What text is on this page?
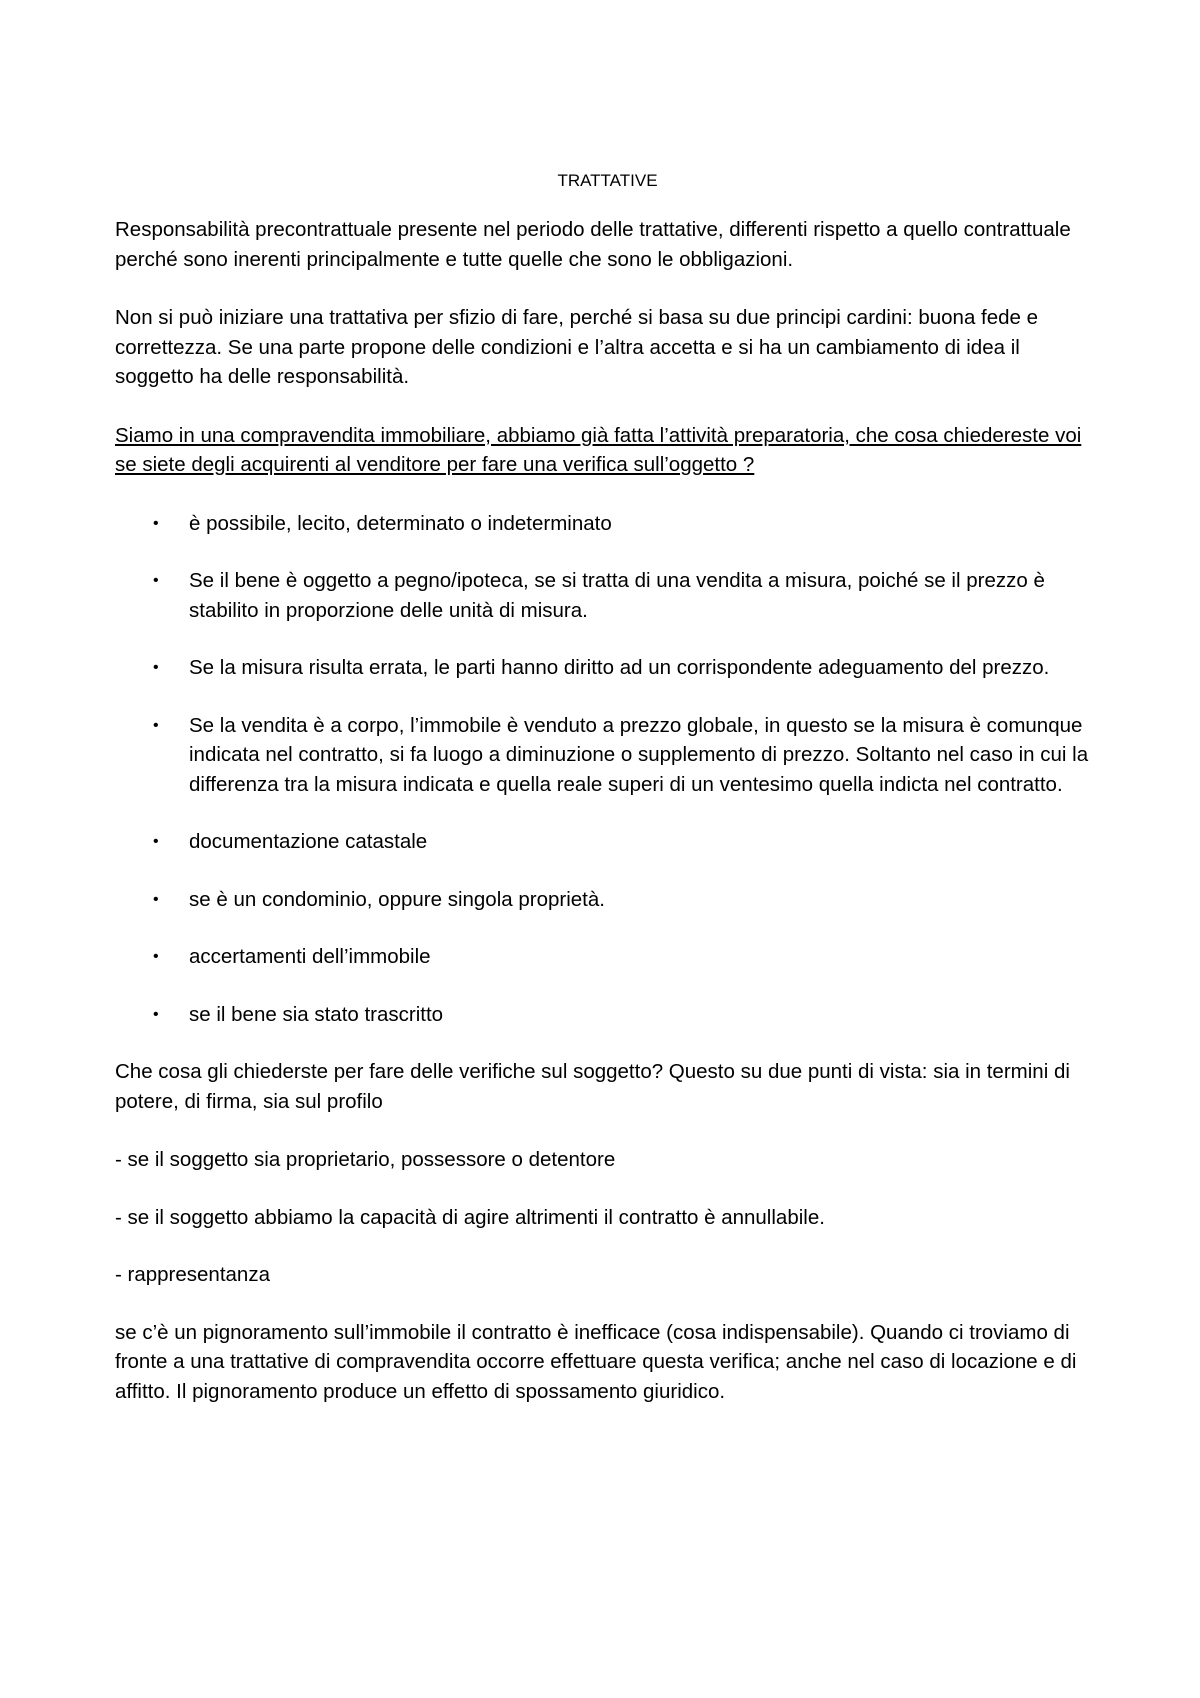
TRATTATIVE

Responsabilità precontrattuale presente nel periodo delle trattative, differenti rispetto a quello contrattuale perché sono inerenti principalmente e tutte quelle che sono le obbligazioni.

Non si può iniziare una trattativa per sfizio di fare, perché si basa su due principi cardini: buona fede e correttezza. Se una parte propone delle condizioni e l’altra accetta e si ha un cambiamento di idea il soggetto ha delle responsabilità.

Siamo in una compravendita immobiliare, abbiamo già fatta l’attività preparatoria, che cosa chiedereste voi se siete degli acquirenti al venditore per fare una verifica sull’oggetto ?

• è possibile, lecito, determinato o indeterminato
• Se il bene è oggetto a pegno/ipoteca, se si tratta di una vendita a misura, poiché se il prezzo è stabilito in proporzione delle unità di misura.
• Se la misura risulta errata, le parti hanno diritto ad un corrispondente adeguamento del prezzo.
• Se la vendita è a corpo, l’immobile è venduto a prezzo globale, in questo se la misura è comunque indicata nel contratto, si fa luogo a diminuzione o supplemento di prezzo. Soltanto nel caso in cui la differenza tra la misura indicata e quella reale superi di un ventesimo quella indicta nel contratto.
• documentazione catastale
• se è un condominio, oppure singola proprietà.
• accertamenti dell’immobile
• se il bene sia stato trascritto

Che cosa gli chiederste per fare delle verifiche sul soggetto? Questo su due punti di vista: sia in termini di potere, di firma, sia sul profilo

- se il soggetto sia proprietario, possessore o detentore
- se il soggetto abbiamo la capacità di agire altrimenti il contratto è annullabile.
- rappresentanza

se c’è un pignoramento sull’immobile il contratto è inefficace (cosa indispensabile). Quando ci troviamo di fronte a una trattative di compravendita occorre effettuare questa verifica; anche nel caso di locazione e di affitto. Il pignoramento produce un effetto di spossamento giuridico.
